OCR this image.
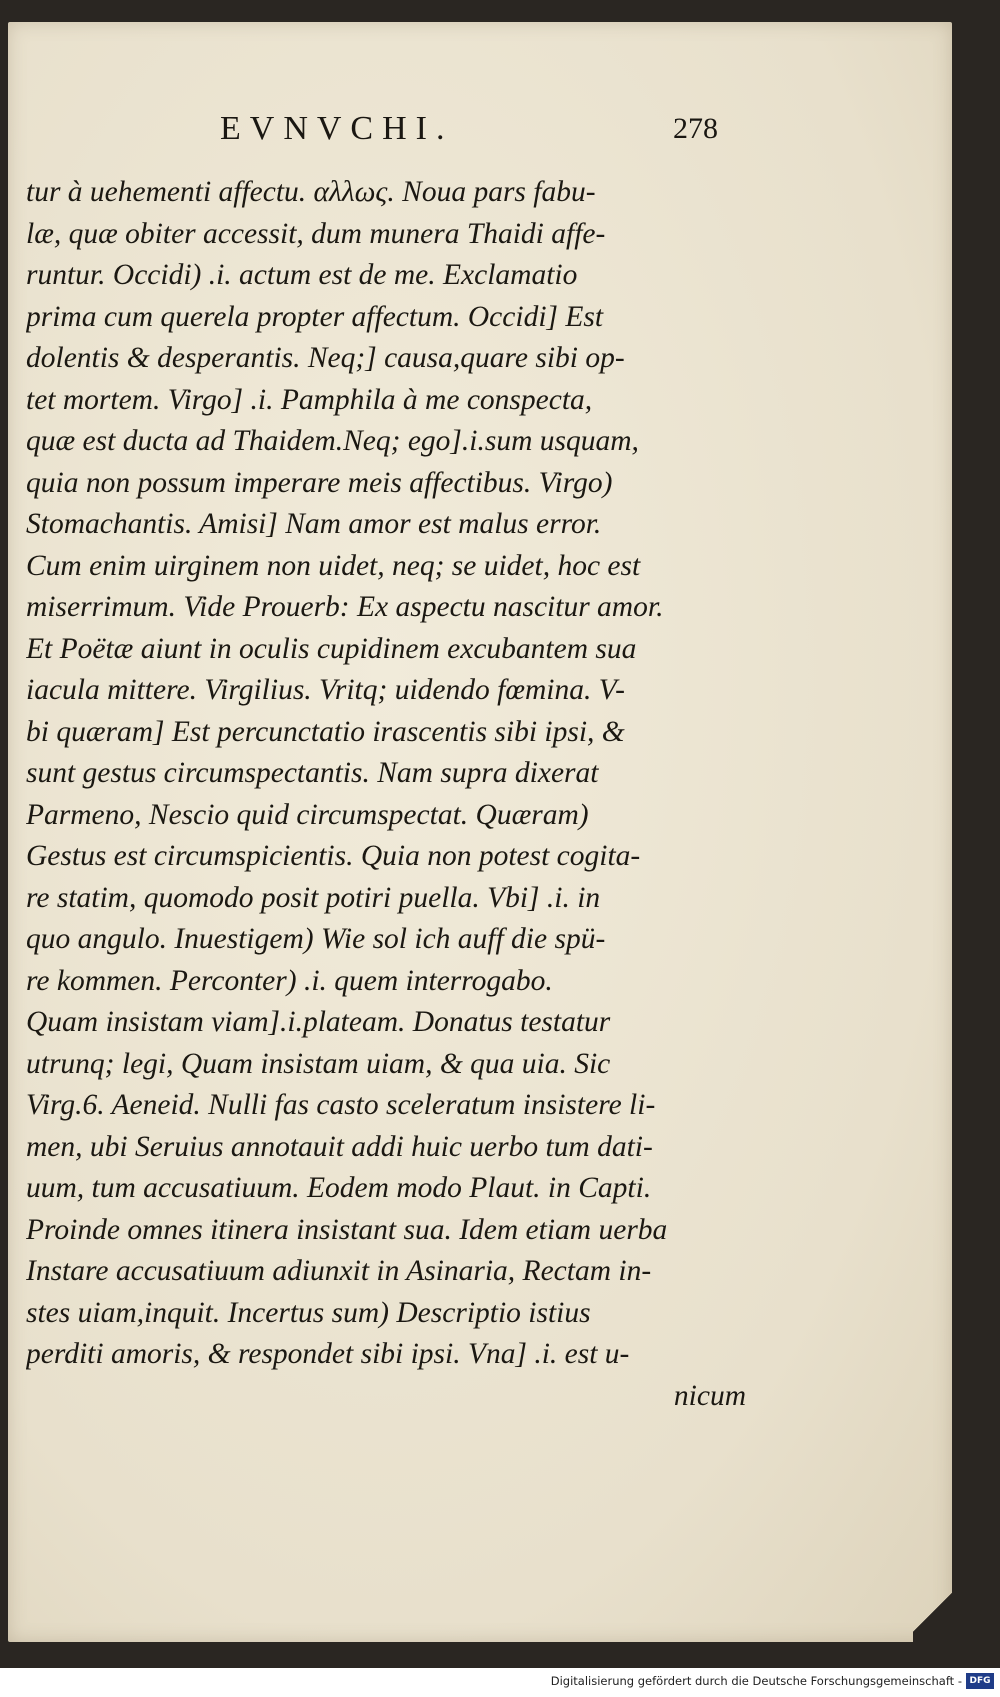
EVNVCHI.	278
tur à uehementi affectu. αλλως. Noua pars fabu-
læ, quæ obiter accessit, dum munera Thaidi affe-
runtur. Occidi) .i. actum est de me. Exclamatio
prima cum querela propter affectum. Occidi] Est
dolentis & desperantis. Neq;] causa,quare sibi op-
tet mortem. Virgo] .i. Pamphila à me conspecta,
quæ est ducta ad Thaidem.Neq; ego].i.sum usquam,
quia non possum imperare meis affectibus. Virgo)
Stomachantis. Amisi] Nam amor est malus error.
Cum enim uirginem non uidet, neq; se uidet, hoc est
miserrimum. Vide Prouerb: Ex aspectu nascitur amor.
Et Poëtæ aiunt in oculis cupidinem excubantem sua
iacula mittere. Virgilius. Vritq; uidendo fœmina. V-
bi quæram] Est percunctatio irascentis sibi ipsi, &
sunt gestus circumspectantis. Nam supra dixerat
Parmeno, Nescio quid circumspectat. Quæram)
Gestus est circumspicientis. Quia non potest cogita-
re statim, quomodo posit potiri puella. Vbi] .i. in
quo angulo. Inuestigem) Wie sol ich auff die spü-
re kommen. Perconter) .i. quem interrogabo.
Quam insistam viam].i.plateam. Donatus testatur
utrunq; legi, Quam insistam uiam, & qua uia. Sic
Virg.6. Aeneid. Nulli fas casto sceleratum insistere li-
men, ubi Seruius annotauit addi huic uerbo tum dati-
uum, tum accusatiuum. Eodem modo Plaut. in Capti.
Proinde omnes itinera insistant sua. Idem etiam uerba
Instare accusatiuum adiunxit in Asinaria, Rectam in-
stes uiam,inquit. Incertus sum) Descriptio istius
perditi amoris, & respondet sibi ipsi. Vna] .i. est u-
nicum
Digitalisierung gefördert durch die Deutsche Forschungsgemeinschaft - DFG
